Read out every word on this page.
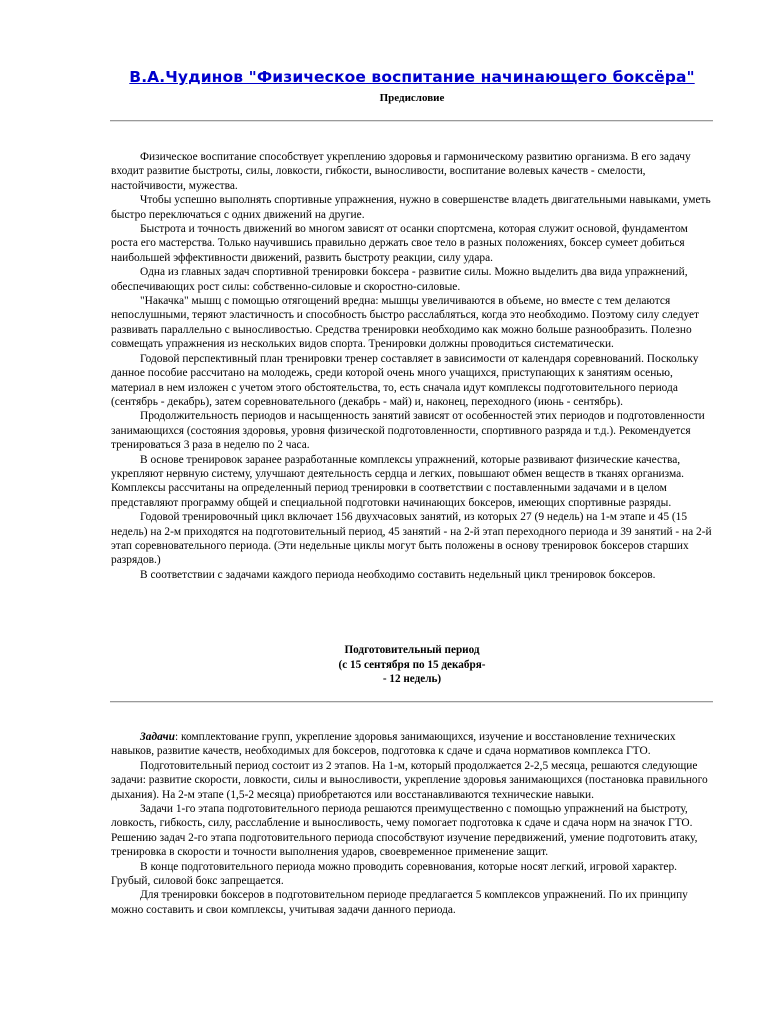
В.А.Чудинов "Физическое воспитание начинающего боксёра"
Предисловие

Физическое воспитание способствует укреплению здоровья и гармоническому развитию организма. В его задачу входит развитие быстроты, силы, ловкости, гибкости, выносливости, воспитание волевых качеств - смелости, настойчивости, мужества.

Чтобы успешно выполнять спортивные упражнения, нужно в совершенстве владеть двигательными навыками, уметь быстро переключаться с одних движений на другие.

Быстрота и точность движений во многом зависят от осанки спортсмена, которая служит основой, фундаментом роста его мастерства. Только научившись правильно держать свое тело в разных положениях, боксер сумеет добиться наибольшей эффективности движений, развить быстроту реакции, силу удара.

Одна из главных задач спортивной тренировки боксера - развитие силы. Можно выделить два вида упражнений, обеспечивающих рост силы: собственно-силовые и скоростно-силовые.

"Накачка" мышц с помощью отягощений вредна: мышцы увеличиваются в объеме, но вместе с тем делаются непослушными, теряют эластичность и способность быстро расслабляться, когда это необходимо. Поэтому силу следует развивать параллельно с выносливостью. Средства тренировки необходимо как можно больше разнообразить. Полезно совмещать упражнения из нескольких видов спорта. Тренировки должны проводиться систематически.

Годовой перспективный план тренировки тренер составляет в зависимости от календаря соревнований. Поскольку данное пособие рассчитано на молодежь, среди которой очень много учащихся, приступающих к занятиям осенью, материал в нем изложен с учетом этого обстоятельства, то, есть сначала идут комплексы подготовительного периода (сентябрь - декабрь), затем соревновательного (декабрь - май) и, наконец, переходного (июнь - сентябрь).

Продолжительность периодов и насыщенность занятий зависят от особенностей этих периодов и подготовленности занимающихся (состояния здоровья, уровня физической подготовленности, спортивного разряда и т.д.). Рекомендуется тренироваться 3 раза в неделю по 2 часа.

В основе тренировок заранее разработанные комплексы упражнений, которые развивают физические качества, укрепляют нервную систему, улучшают деятельность сердца и легких, повышают обмен веществ в тканях организма. Комплексы рассчитаны на определенный период тренировки в соответствии с поставленными задачами и в целом представляют программу общей и специальной подготовки начинающих боксеров, имеющих спортивные разряды.

Годовой тренировочный цикл включает 156 двухчасовых занятий, из которых 27 (9 недель) на 1-м этапе и 45 (15 недель) на 2-м приходятся на подготовительный период, 45 занятий - на 2-й этап переходного периода и 39 занятий - на 2-й этап соревновательного периода. (Эти недельные циклы могут быть положены в основу тренировок боксеров старших разрядов.)

В соответствии с задачами каждого периода необходимо составить недельный цикл тренировок боксеров.

Подготовительный период
(с 15 сентября по 15 декабря-
- 12 недель)

Задачи: комплектование групп, укрепление здоровья занимающихся, изучение и восстановление технических навыков, развитие качеств, необходимых для боксеров, подготовка к сдаче и сдача нормативов комплекса ГТО.

Подготовительный период состоит из 2 этапов. На 1-м, который продолжается 2-2,5 месяца, решаются следующие задачи: развитие скорости, ловкости, силы и выносливости, укрепление здоровья занимающихся (постановка правильного дыхания). На 2-м этапе (1,5-2 месяца) приобретаются или восстанавливаются технические навыки.

Задачи 1-го этапа подготовительного периода решаются преимущественно с помощью упражнений на быстроту, ловкость, гибкость, силу, расслабление и выносливость, чему помогает подготовка к сдаче и сдача норм на значок ГТО. Решению задач 2-го этапа подготовительного периода способствуют изучение передвижений, умение подготовить атаку, тренировка в скорости и точности выполнения ударов, своевременное применение защит.

В конце подготовительного периода можно проводить соревнования, которые носят легкий, игровой характер. Грубый, силовой бокс запрещается.

Для тренировки боксеров в подготовительном периоде предлагается 5 комплексов упражнений. По их принципу можно составить и свои комплексы, учитывая задачи данного периода.
